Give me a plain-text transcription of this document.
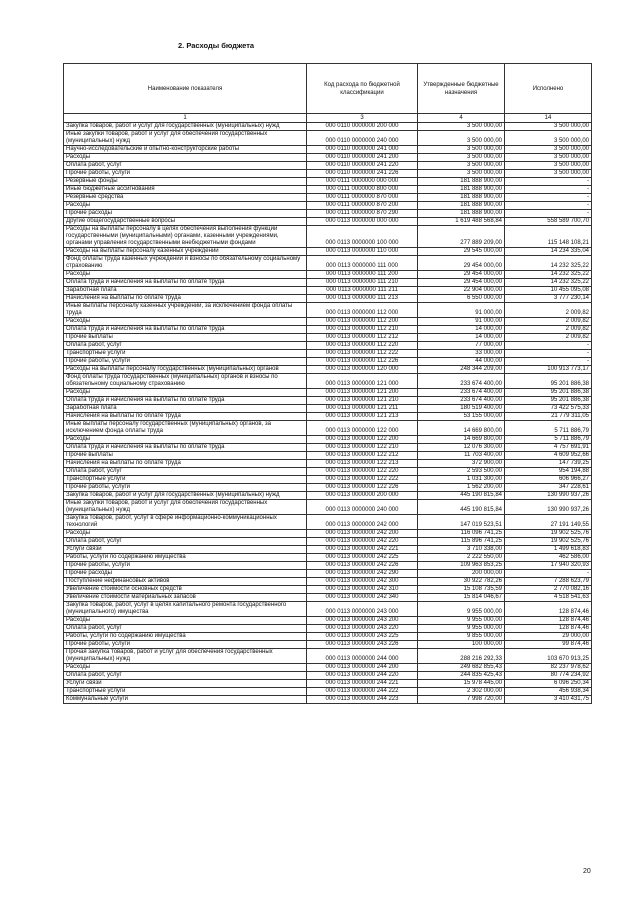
2. Расходы бюджета
Наименование показателя	Код расхода по бюджетной классификации	Утвержденные бюджетные назначения	Исполнено
1	3	4	14
Закупка товаров, работ и услуг для государственных (муниципальных) нужд	000 0110 0000000 200 000	3 500 000,00	3 500 000,00
Иные закупки товаров, работ и услуг для обеспечения государственных (муниципальных) нужд	000 0110 0000000 240 000	3 500 000,00	3 500 000,00
Научно-исследовательские и опытно-конструкторские работы	000 0110 0000000 241 000	3 500 000,00	3 500 000,00
Расходы	000 0110 0000000 241 200	3 500 000,00	3 500 000,00
Оплата работ, услуг	000 0110 0000000 241 220	3 500 000,00	3 500 000,00
Прочие работы, услуги	000 0110 0000000 241 226	3 500 000,00	3 500 000,00
Резервные фонды	000 0111 0000000 000 000	181 888 900,00	-
Иные бюджетные ассигнования	000 0111 0000000 800 000	181 888 900,00	-
Резервные средства	000 0111 0000000 870 000	181 888 900,00	-
Расходы	000 0111 0000000 870 200	181 888 900,00	-
Прочие расходы	000 0111 0000000 870 290	181 888 900,00	-
Другие общегосударственные вопросы	000 0113 0000000 000 000	1 619 488 568,84	558 589 700,70
Расходы на выплаты персоналу в целях обеспечения выполнения функций государственными (муниципальными) органами, казенными учреждениями, органами управления государственными внебюджетными фондами	000 0113 0000000 100 000	277 889 209,00	115 148 108,21
Расходы на выплаты персоналу казенных учреждений	000 0113 0000000 110 000	29 545 000,00	14 234 335,04
Фонд оплаты труда казенных учреждений и взносы по обязательному социальному страхованию	000 0113 0000000 111 000	29 454 000,00	14 232 325,22
Расходы	000 0113 0000000 111 200	29 454 000,00	14 232 325,22
Оплата труда и начисления на выплаты по оплате труда	000 0113 0000000 111 210	29 454 000,00	14 232 325,22
Заработная плата	000 0113 0000000 111 211	22 904 000,00	10 455 095,08
Начисления на выплаты по оплате труда	000 0113 0000000 111 213	6 550 000,00	3 777 230,14
Иные выплаты персоналу казенных учреждений, за исключением фонда оплаты труда	000 0113 0000000 112 000	91 000,00	2 009,82
Расходы	000 0113 0000000 112 200	91 000,00	2 009,82
Оплата труда и начисления на выплаты по оплате труда	000 0113 0000000 112 210	14 000,00	2 009,82
Прочие выплаты	000 0113 0000000 112 212	14 000,00	2 009,82
Оплата работ, услуг	000 0113 0000000 112 220	77 000,00	-
Транспортные услуги	000 0113 0000000 112 222	33 000,00	-
Прочие работы, услуги	000 0113 0000000 112 226	44 000,00	-
Расходы на выплаты персоналу государственных (муниципальных) органов	000 0113 0000000 120 000	248 344 209,00	100 913 773,17
Фонд оплаты труда государственных (муниципальных) органов и взносы по обязательному социальному страхованию	000 0113 0000000 121 000	233 674 400,00	95 201 886,38
Расходы	000 0113 0000000 121 200	233 674 400,00	95 201 886,38
Оплата труда и начисления на выплаты по оплате труда	000 0113 0000000 121 210	233 674 400,00	95 201 886,38
Заработная плата	000 0113 0000000 121 211	180 519 400,00	73 422 575,33
Начисления на выплаты по оплате труда	000 0113 0000000 121 213	53 155 000,00	21 779 311,05
Иные выплаты персоналу государственных (муниципальных) органов, за исключением фонда оплаты труда	000 0113 0000000 122 000	14 669 800,00	5 711 886,79
Расходы	000 0113 0000000 122 200	14 669 800,00	5 711 886,79
Оплата труда и начисления на выплаты по оплате труда	000 0113 0000000 122 210	12 076 300,00	4 757 691,91
Прочие выплаты	000 0113 0000000 122 212	11 703 400,00	4 609 952,66
Начисления на выплаты по оплате труда	000 0113 0000000 122 213	372 900,00	147 739,25
Оплата работ, услуг	000 0113 0000000 122 220	2 593 500,00	954 194,88
Транспортные услуги	000 0113 0000000 122 222	1 031 300,00	606 966,27
Прочие работы, услуги	000 0113 0000000 122 226	1 562 200,00	347 228,61
Закупка товаров, работ и услуг для государственных (муниципальных) нужд	000 0113 0000000 200 000	445 190 815,84	130 990 937,26
Иные закупки товаров, работ и услуг для обеспечения государственных (муниципальных) нужд	000 0113 0000000 240 000	445 190 815,84	130 990 937,26
Закупка товаров, работ, услуг в сфере информационно-коммуникационных технологий	000 0113 0000000 242 000	147 019 523,51	27 191 149,55
Расходы	000 0113 0000000 242 200	116 096 741,25	19 902 525,76
Оплата работ, услуг	000 0113 0000000 242 220	115 896 741,25	19 902 525,76
Услуги связи	000 0113 0000000 242 221	3 710 338,00	1 499 618,83
Работы, услуги по содержанию имущества	000 0113 0000000 242 225	2 222 550,00	462 586,00
Прочие работы, услуги	000 0113 0000000 242 226	109 963 853,25	17 940 320,93
Прочие расходы	000 0113 0000000 242 290	200 000,00	-
Поступление нефинансовых активов	000 0113 0000000 242 300	30 922 782,26	7 288 623,79
Увеличение стоимости основных средств	000 0113 0000000 242 310	15 108 735,59	2 770 082,16
Увеличение стоимости материальных запасов	000 0113 0000000 242 340	15 814 046,67	4 518 541,63
Закупка товаров, работ, услуг в целях капитального ремонта государственного (муниципального) имущества	000 0113 0000000 243 000	9 955 000,00	128 874,46
Расходы	000 0113 0000000 243 200	9 955 000,00	128 874,46
Оплата работ, услуг	000 0113 0000000 243 220	9 955 000,00	128 874,46
Работы, услуги по содержанию имущества	000 0113 0000000 243 225	9 855 000,00	29 000,00
Прочие работы, услуги	000 0113 0000000 243 226	100 000,00	99 874,46
Прочая закупка товаров, работ и услуг для обеспечения государственных (муниципальных) нужд	000 0113 0000000 244 000	288 216 292,33	103 670 913,25
Расходы	000 0113 0000000 244 200	249 682 855,43	82 237 978,62
Оплата работ, услуг	000 0113 0000000 244 220	244 835 425,43	80 774 234,92
Услуги связи	000 0113 0000000 244 221	15 978 445,00	6 096 250,34
Транспортные услуги	000 0113 0000000 244 222	2 302 000,00	456 938,34
Коммунальные услуги	000 0113 0000000 244 223	7 998 720,00	3 410 431,75
20
